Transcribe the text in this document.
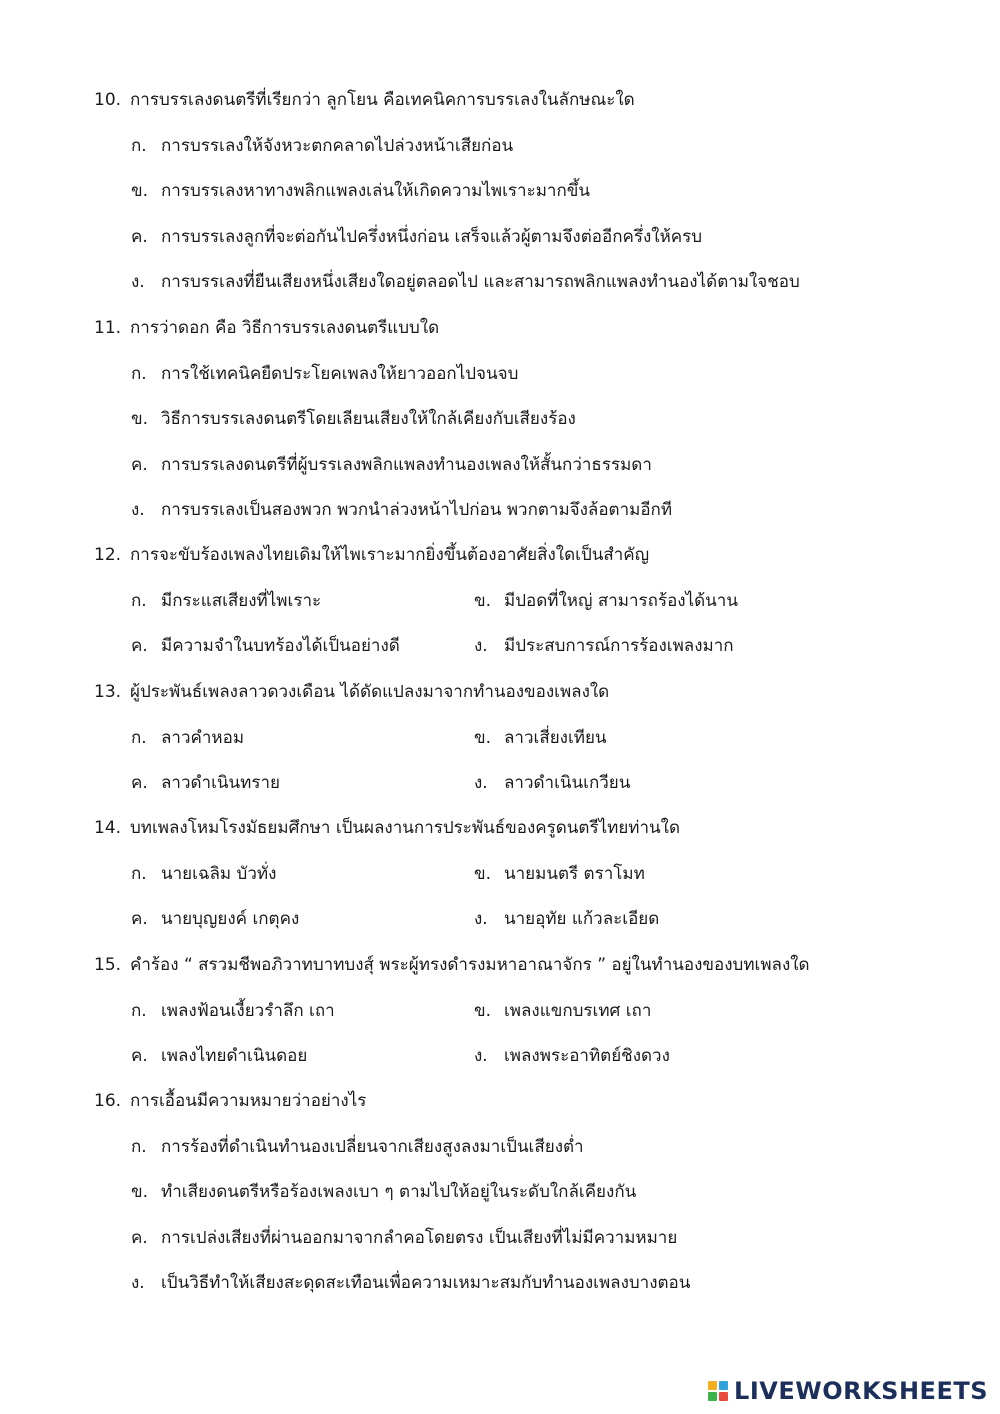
10. การบรรเลงดนตรีที่เรียกว่า ลูกโยน คือเทคนิคการบรรเลงในลักษณะใด
ก. การบรรเลงให้จังหวะตกคลาดไปล่วงหน้าเสียก่อน
ข. การบรรเลงหาทางพลิกแพลงเล่นให้เกิดความไพเราะมากขึ้น
ค. การบรรเลงลูกที่จะต่อกันไปครึ่งหนึ่งก่อน เสร็จแล้วผู้ตามจึงต่ออีกครึ่งให้ครบ
ง. การบรรเลงที่ยืนเสียงหนึ่งเสียงใดอยู่ตลอดไป และสามารถพลิกแพลงทำนองได้ตามใจชอบ
11. การว่าดอก คือ วิธีการบรรเลงดนตรีแบบใด
ก. การใช้เทคนิคยืดประโยคเพลงให้ยาวออกไปจนจบ
ข. วิธีการบรรเลงดนตรีโดยเลียนเสียงให้ใกล้เคียงกับเสียงร้อง
ค. การบรรเลงดนตรีที่ผู้บรรเลงพลิกแพลงทำนองเพลงให้สั้นกว่าธรรมดา
ง. การบรรเลงเป็นสองพวก พวกนำล่วงหน้าไปก่อน พวกตามจึงล้อตามอีกที
12. การจะขับร้องเพลงไทยเดิมให้ไพเราะมากยิ่งขึ้นต้องอาศัยสิ่งใดเป็นสำคัญ
ก. มีกระแสเสียงที่ไพเราะ	ข. มีปอดที่ใหญ่ สามารถร้องได้นาน
ค. มีความจำในบทร้องได้เป็นอย่างดี	ง. มีประสบการณ์การร้องเพลงมาก
13. ผู้ประพันธ์เพลงลาวดวงเดือน ได้ดัดแปลงมาจากทำนองของเพลงใด
ก. ลาวคำหอม	ข. ลาวเสี่ยงเทียน
ค. ลาวดำเนินทราย	ง. ลาวดำเนินเกวียน
14. บทเพลงโหมโรงมัธยมศึกษา เป็นผลงานการประพันธ์ของครูดนตรีไทยท่านใด
ก. นายเฉลิม บัวทั่ง	ข. นายมนตรี ตราโมท
ค. นายบุญยงค์ เกตุคง	ง. นายอุทัย แก้วละเอียด
15. คำร้อง “ สรวมชีพอภิวาทบาทบงสุ์ พระผู้ทรงดำรงมหาอาณาจักร ” อยู่ในทำนองของบทเพลงใด
ก. เพลงฟ้อนเงี้ยวรำลึก เถา	ข. เพลงแขกบรเทศ เถา
ค. เพลงไทยดำเนินดอย	ง. เพลงพระอาทิตย์ชิงดวง
16. การเอื้อนมีความหมายว่าอย่างไร
ก. การร้องที่ดำเนินทำนองเปลี่ยนจากเสียงสูงลงมาเป็นเสียงต่ำ
ข. ทำเสียงดนตรีหรือร้องเพลงเบา ๆ ตามไปให้อยู่ในระดับใกล้เคียงกัน
ค. การเปล่งเสียงที่ผ่านออกมาจากลำคอโดยตรง เป็นเสียงที่ไม่มีความหมาย
ง. เป็นวิธีทำให้เสียงสะดุดสะเทือนเพื่อความเหมาะสมกับทำนองเพลงบางตอน
LIVEWORKSHEETS
